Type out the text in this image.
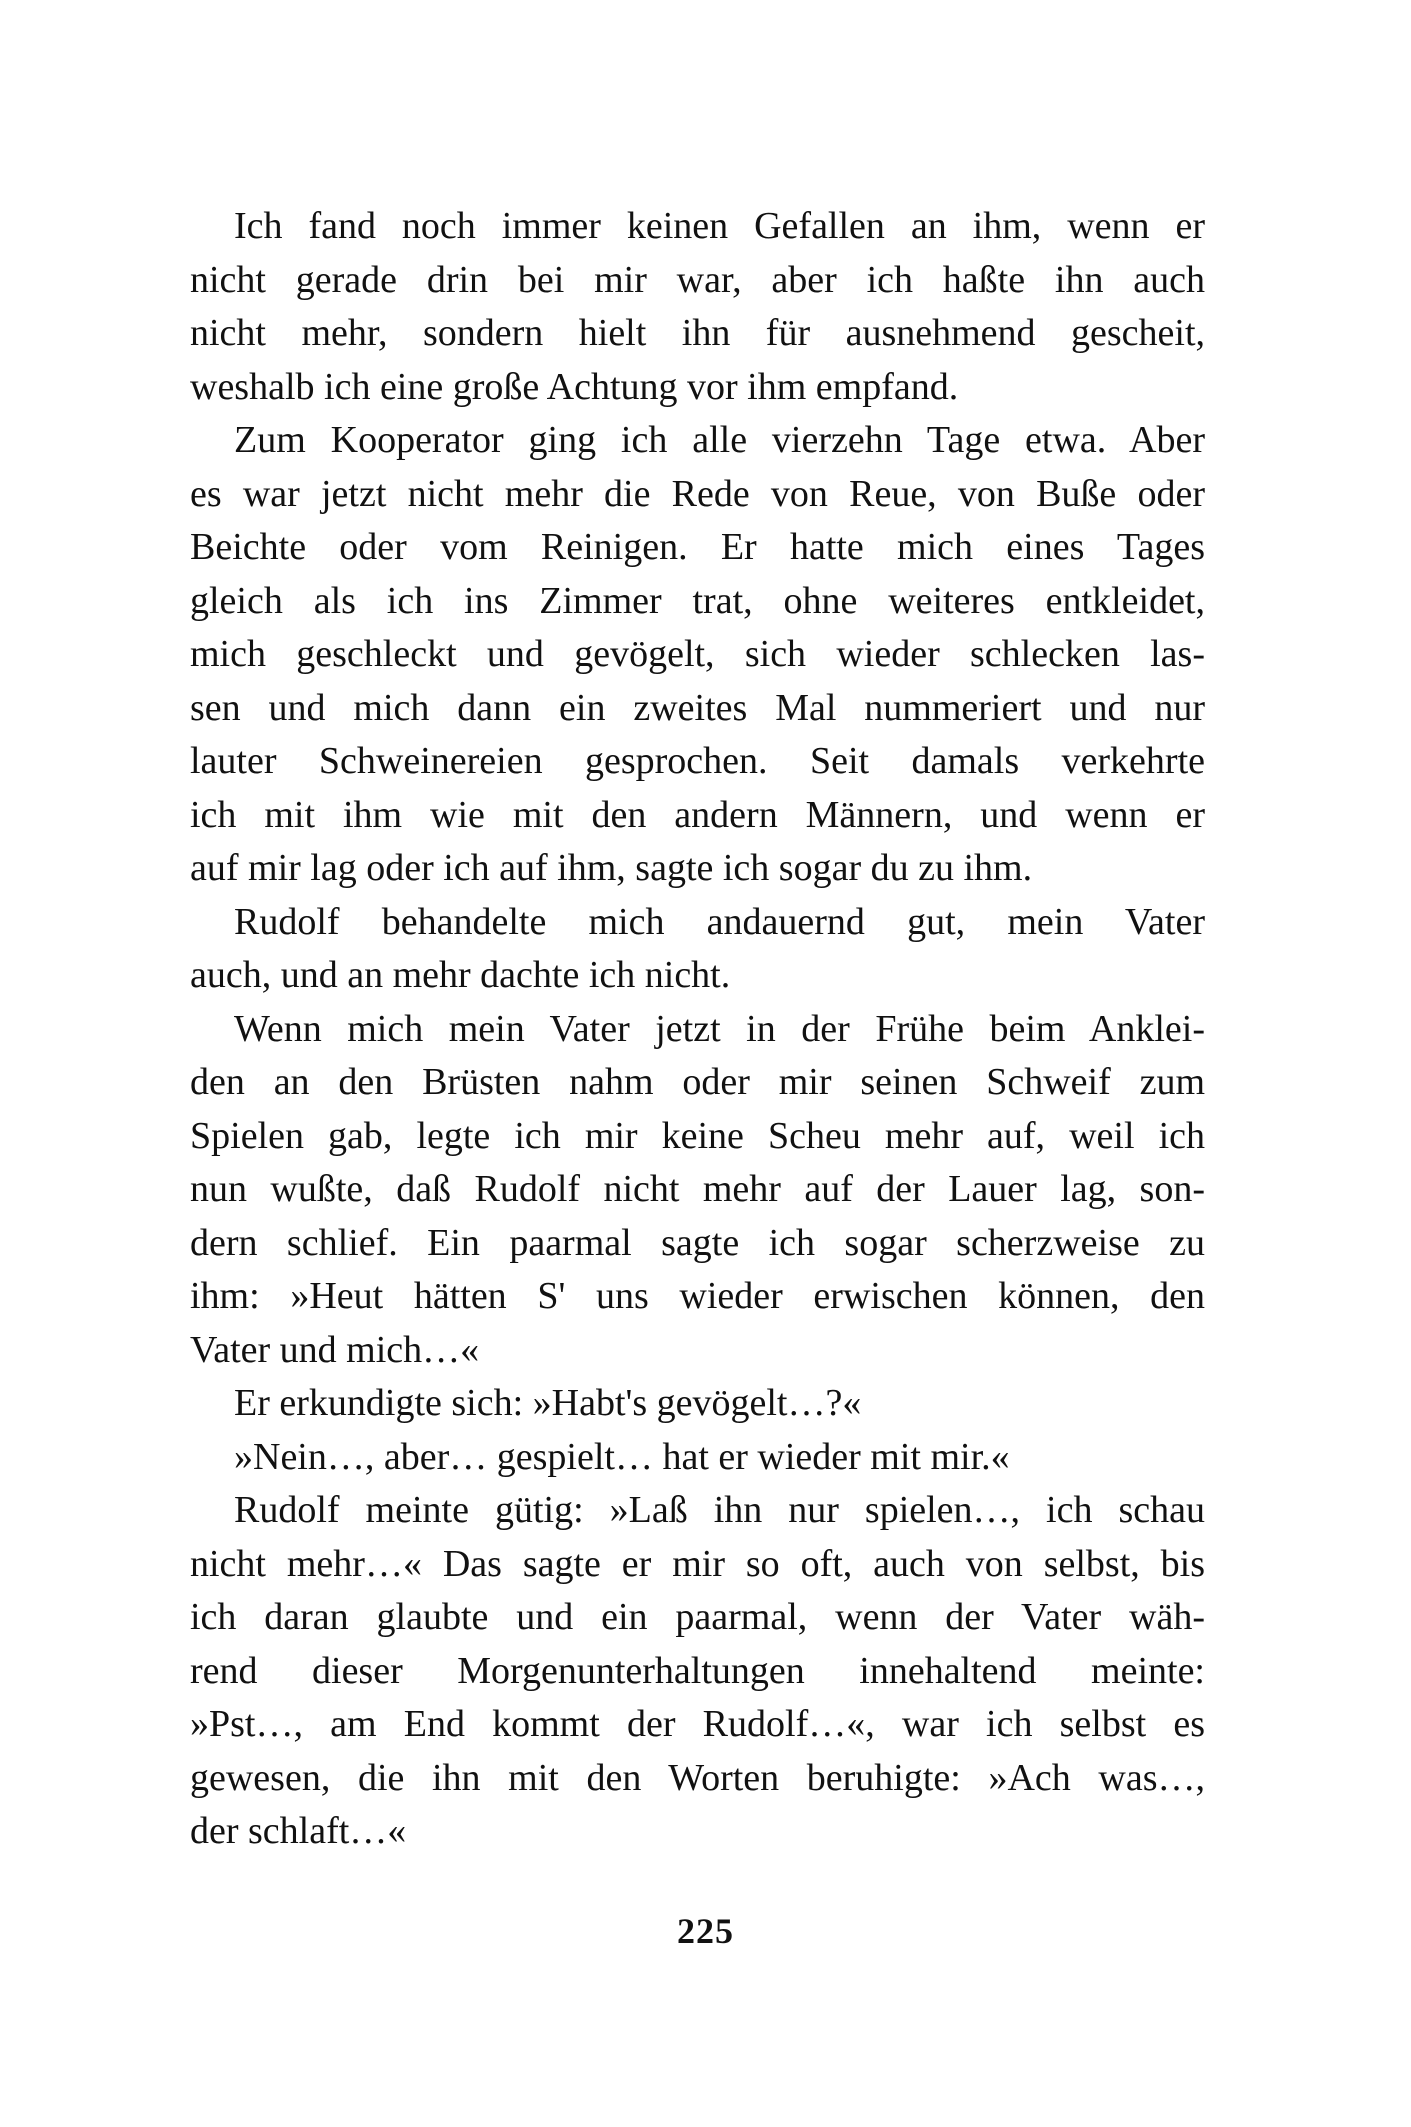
Ich fand noch immer keinen Gefallen an ihm, wenn er
nicht gerade drin bei mir war, aber ich haßte ihn auch
nicht mehr, sondern hielt ihn für ausnehmend gescheit,
weshalb ich eine große Achtung vor ihm empfand.
Zum Kooperator ging ich alle vierzehn Tage etwa. Aber
es war jetzt nicht mehr die Rede von Reue, von Buße oder
Beichte oder vom Reinigen. Er hatte mich eines Tages
gleich als ich ins Zimmer trat, ohne weiteres entkleidet,
mich geschleckt und gevögelt, sich wieder schlecken las-
sen und mich dann ein zweites Mal nummeriert und nur
lauter Schweinereien gesprochen. Seit damals verkehrte
ich mit ihm wie mit den andern Männern, und wenn er
auf mir lag oder ich auf ihm, sagte ich sogar du zu ihm.
Rudolf behandelte mich andauernd gut, mein Vater
auch, und an mehr dachte ich nicht.
Wenn mich mein Vater jetzt in der Frühe beim Anklei-
den an den Brüsten nahm oder mir seinen Schweif zum
Spielen gab, legte ich mir keine Scheu mehr auf, weil ich
nun wußte, daß Rudolf nicht mehr auf der Lauer lag, son-
dern schlief. Ein paarmal sagte ich sogar scherzweise zu
ihm: »Heut hätten S' uns wieder erwischen können, den
Vater und mich…«
Er erkundigte sich: »Habt's gevögelt…?«
»Nein…, aber… gespielt… hat er wieder mit mir.«
Rudolf meinte gütig: »Laß ihn nur spielen…, ich schau
nicht mehr…« Das sagte er mir so oft, auch von selbst, bis
ich daran glaubte und ein paarmal, wenn der Vater wäh-
rend dieser Morgenunterhaltungen innehaltend meinte:
»Pst…, am End kommt der Rudolf…«, war ich selbst es
gewesen, die ihn mit den Worten beruhigte: »Ach was…,
der schlaft…«
225
